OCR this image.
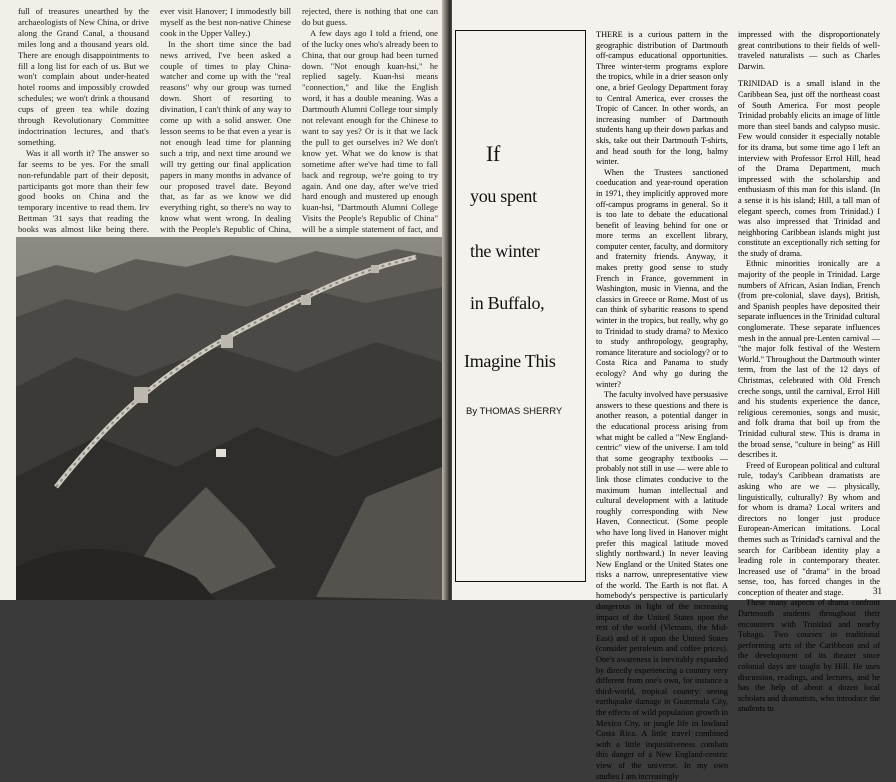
full of treasures unearthed by the archaeologists of New China, or drive along the Grand Canal, a thousand miles long and a thousand years old. There are enough disappointments to fill a long list for each of us. But we won't complain about under-heated hotel rooms and impossibly crowded schedules; we won't drink a thousand cups of green tea while dozing through Revolutionary Committee indoctrination lectures, and that's something.

Was it all worth it? The answer so far seems to be yes. For the small non-refundable part of their deposit, participants got more than their few good books on China and the temporary incentive to read them. Irv Bettman '31 says that reading the books was almost like being there.

ever visit Hanover; I immodestly bill myself as the best non-native Chinese cook in the Upper Valley.)

In the short time since the bad news arrived, I've been asked a couple of times to play China-watcher and come up with the "real reasons" why our group was turned down. Short of resorting to divination, I can't think of any way to come up with a solid answer. One lesson seems to be that even a year is not enough lead time for planning such a trip, and next time around we will try getting our final application papers in many months in advance of our proposed travel date. Beyond that, as far as we know we did everything right, so there's no way to know what went wrong. In dealing with the People's Republic of China,

rejected, there is nothing that one can do but guess.

A few days ago I told a friend, one of the lucky ones who's already been to China, that our group had been turned down. "Not enough kuan-hsi," he replied sagely. Kuan-hsi means "connection," and like the English word, it has a double meaning. Was a Dartmouth Alumni College tour simply not relevant enough for the Chinese to want to say yes? Or is it that we lack the pull to get ourselves in? We don't know yet. What we do know is that sometime after we've had time to fall back and regroup, we're going to try again. And one day, after we've tried hard enough and mustered up enough kuan-hsi, "Dartmouth Alumni College Visits the People's Republic of China" will be a simple statement of fact, and

If
you spent
the winter
in Buffalo,
Imagine This
By THOMAS SHERRY

THERE is a curious pattern in the geographic distribution of Dartmouth off-campus educational opportunities. Three winter-term programs explore the tropics, while in a drier season only one, a brief Geology Department foray to Central America, ever crosses the Tropic of Cancer. In other words, an increasing number of Dartmouth students hang up their down parkas and skis, take out their Dartmouth T-shirts, and head south for the long, balmy winter.

When the Trustees sanctioned coeducation and year-round operation in 1971, they implicitly approved more off-campus programs in general. So it is too late to debate the educational benefit of leaving behind for one or more terms an excellent library, computer center, faculty, and dormitory and fraternity friends. Anyway, it makes pretty good sense to study French in France, government in Washington, music in Vienna, and the classics in Greece or Rome. Most of us can think of sybaritic reasons to spend winter in the tropics, but really, why go to Trinidad to study drama? to Mexico to study anthropology, geography, romance literature and sociology? or to Costa Rica and Panama to study ecology? And why go during the winter?

The faculty involved have persuasive answers to these questions and there is another reason, a potential danger in the educational process arising from what might be called a "New England-centric" view of the universe. I am told that some geography textbooks — probably not still in use — were able to link those climates conducive to the maximum human intellectual and cultural development with a latitude roughly corresponding with New Haven, Connecticut. (Some people who have long lived in Hanover might prefer this magical latitude moved slightly northward.) In never leaving New England or the United States one risks a narrow, unrepresentative view of the world. The Earth is not flat. A homebody's perspective is particularly dangerous in light of the increasing impact of the United States upon the rest of the world (Vietnam, the Mid-East) and of it upon the United States (consider petroleum and coffee prices). One's awareness is inevitably expanded by directly experiencing a country very different from one's own, for instance a third-world, tropical country: seeing earthquake damage in Guatemala City, the effects of wild population growth in Mexico City, or jungle life in lowland Costa Rica. A little travel combined with a little inquisitiveness combats this danger of a New England-centric view of the universe. In my own studies I am increasingly

impressed with the disproportionately great contributions to their fields of well-traveled naturalists — such as Charles Darwin.

TRINIDAD is a small island in the Caribbean Sea, just off the northeast coast of South America. For most people Trinidad probably elicits an image of little more than steel bands and calypso music. Few would consider it especially notable for its drama, but some time ago I left an interview with Professor Errol Hill, head of the Drama Department, much impressed with the scholarship and enthusiasm of this man for this island. (In a sense it is his island; Hill, a tall man of elegant speech, comes from Trinidad.) I was also impressed that Trinidad and neighboring Caribbean islands might just constitute an exceptionally rich setting for the study of drama.

Ethnic minorities ironically are a majority of the people in Trinidad. Large numbers of African, Asian Indian, French (from pre-colonial, slave days), British, and Spanish peoples have deposited their separate influences in the Trinidad cultural conglomerate. These separate influences mesh in the annual pre-Lenten carnival — "the major folk festival of the Western World." Throughout the Dartmouth winter term, from the last of the 12 days of Christmas, celebrated with Old French creche songs, until the carnival, Errol Hill and his students experience the dance, religious ceremonies, songs and music, and folk drama that boil up from the Trinidad cultural stew. This is drama in the broad sense, "culture in being" as Hill describes it.

Freed of European political and cultural rule, today's Caribbean dramatists are asking who are we — physically, linguistically, culturally? By whom and for whom is drama? Local writers and directors no longer just produce European-American imitations. Local themes such as Trinidad's carnival and the search for Caribbean identity play a leading role in contemporary theater. Increased use of "drama" in the broad sense, too, has forced changes in the conception of theater and stage.

These many aspects of drama confront Dartmouth students throughout their encounters with Trinidad and nearby Tobago. Two courses in traditional performing arts of the Caribbean and of the development of its theater since colonial days are taught by Hill. He uses discussion, readings, and lectures, and he has the help of about a dozen local scholars and dramatists, who introduce the students to

31
